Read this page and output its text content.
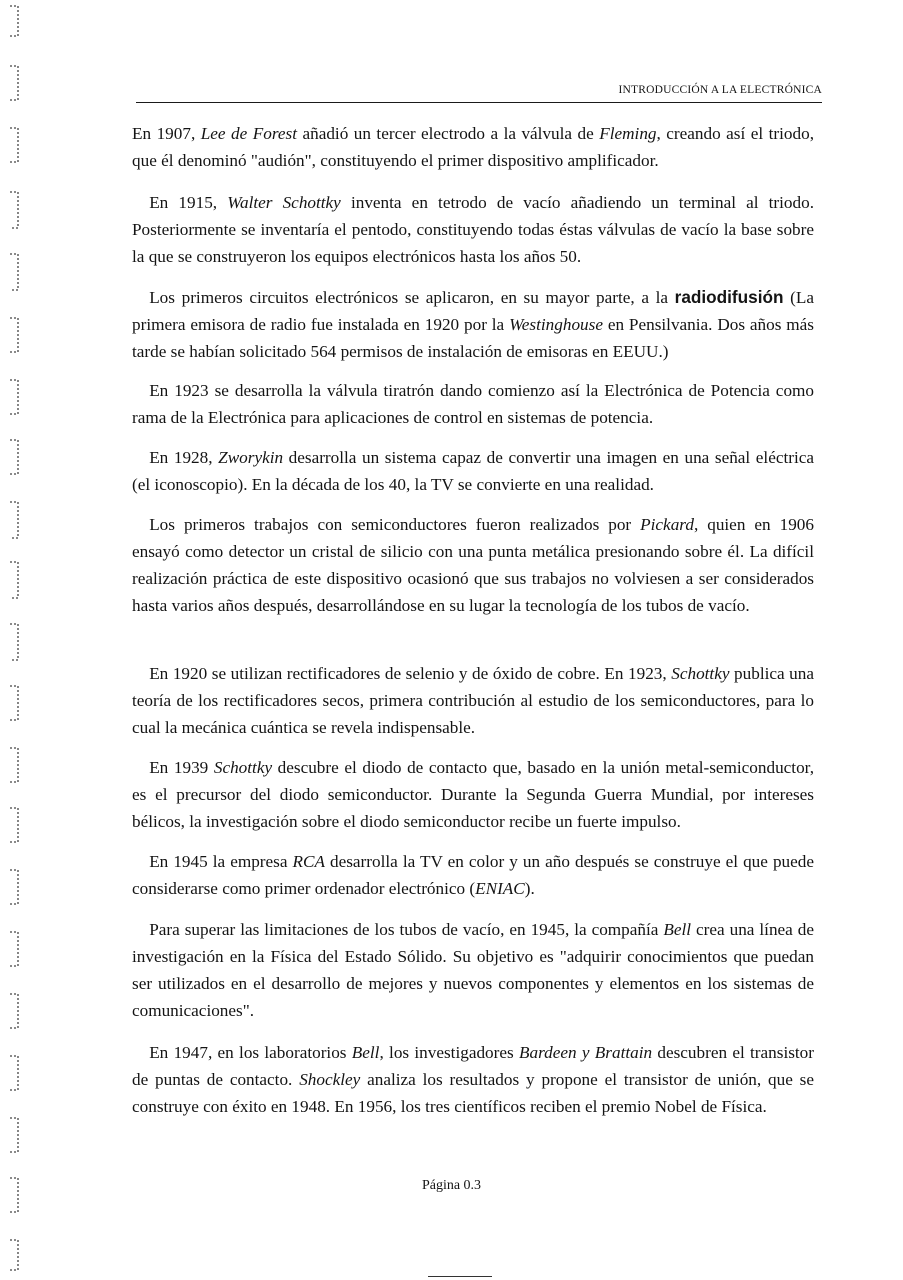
INTRODUCCIÓN A LA ELECTRÓNICA

En 1907, Lee de Forest añadió un tercer electrodo a la válvula de Fleming, creando así el triodo, que él denominó "audión", constituyendo el primer dispositivo amplificador.

 En 1915, Walter Schottky inventa en tetrodo de vacío añadiendo un terminal al triodo. Posteriormente se inventaría el pentodo, constituyendo todas éstas válvulas de vacío la base sobre la que se construyeron los equipos electrónicos hasta los años 50.

 Los primeros circuitos electrónicos se aplicaron, en su mayor parte, a la radiodifusión (La primera emisora de radio fue instalada en 1920 por la Westinghouse en Pensilvania. Dos años más tarde se habían solicitado 564 permisos de instalación de emisoras en EEUU.)

 En 1923 se desarrolla la válvula tiratrón dando comienzo así la Electrónica de Potencia como rama de la Electrónica para aplicaciones de control en sistemas de potencia.

 En 1928, Zworykin desarrolla un sistema capaz de convertir una imagen en una señal eléctrica (el iconoscopio). En la década de los 40, la TV se convierte en una realidad.

 Los primeros trabajos con semiconductores fueron realizados por Pickard, quien en 1906 ensayó como detector un cristal de silicio con una punta metálica presionando sobre él. La difícil realización práctica de este dispositivo ocasionó que sus trabajos no volviesen a ser considerados hasta varios años después, desarrollándose en su lugar la tecnología de los tubos de vacío.

 En 1920 se utilizan rectificadores de selenio y de óxido de cobre. En 1923, Schottky publica una teoría de los rectificadores secos, primera contribución al estudio de los semiconductores, para lo cual la mecánica cuántica se revela indispensable.

 En 1939 Schottky descubre el diodo de contacto que, basado en la unión metal-semiconductor, es el precursor del diodo semiconductor. Durante la Segunda Guerra Mundial, por intereses bélicos, la investigación sobre el diodo semiconductor recibe un fuerte impulso.

 En 1945 la empresa RCA desarrolla la TV en color y un año después se construye el que puede considerarse como primer ordenador electrónico (ENIAC).

 Para superar las limitaciones de los tubos de vacío, en 1945, la compañía Bell crea una línea de investigación en la Física del Estado Sólido. Su objetivo es "adquirir conocimientos que puedan ser utilizados en el desarrollo de mejores y nuevos componentes y elementos en los sistemas de comunicaciones".

 En 1947, en los laboratorios Bell, los investigadores Bardeen y Brattain descubren el transistor de puntas de contacto. Shockley analiza los resultados y propone el transistor de unión, que se construye con éxito en 1948. En 1956, los tres científicos reciben el premio Nobel de Física.

Página 0.3
